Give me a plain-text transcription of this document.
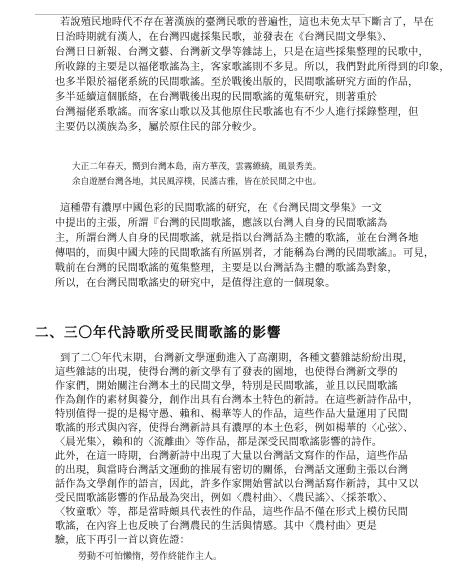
若說殖民地時代不存在著漢族的臺灣民歌的普遍性，這也未免太早下斷言了，早在
日治時期就有漢人，在台灣四處採集民歌，並發表在《台灣民間文學集》、
台灣日日新報、台灣文藝、台灣新文學等雜誌上，只是在這些採集整理的民歌中，
所收錄的主要是以福佬歌謠為主，客家歌謠則不多見。所以，我們對此所得到的印象，
也多半限於福佬系統的民間歌謠。至於戰後出版的，民間歌謠研究方面的作品，
多半延續這個脈絡，在台灣戰後出現的民間歌謠的蒐集研究，則著重於
台灣福佬系歌謠。而客家山歌以及其他原住民歌謠也有不少人進行採錄整理，但
主要仍以漢族為多，屬於原住民的部分較少。
大正二年春天，嚮到台灣本島，南方華茂，雲霧繚繞，風景秀美。
余自遊歷台灣各地，其民風淳樸，民謠古雅，皆在於民間之中也。
這種帶有濃厚中國色彩的民間歌謠的研究，在《台灣民間文學集》一文
中提出的主張，所謂『台灣的民間歌謠，應該以台灣人自身的民間歌謠為
主，所謂台灣人自身的民間歌謠，就是指以台灣話為主體的歌謠，並在台灣各地
傳唱的，而與中國大陸的民間歌謠有所區別者，才能稱為台灣的民間歌謠』。可見，
戰前在台灣的民間歌謠的蒐集整理，主要是以台灣話為主體的歌謠為對象，
所以，在台灣民間歌謠史的研究中，是值得注意的一個現象。
二、三〇年代詩歌所受民間歌謠的影響
到了二〇年代末期，台灣新文學運動進入了高潮期，各種文藝雜誌紛紛出現，
這些雜誌的出現，使得台灣的新文學有了發表的園地，也使得台灣新文學的
作家們，開始關注台灣本土的民間文學，特別是民間歌謠，並且以民間歌謠
作為創作的素材與養分，創作出具有台灣本土特色的新詩。在這些新詩作品中，
特別值得一提的是楊守愚、賴和、楊華等人的作品，這些作品大量運用了民間
歌謠的形式與內容，使得台灣新詩具有濃厚的本土色彩，例如楊華的〈心弦〉、
〈晨光集〉，賴和的〈流離曲〉等作品，都是深受民間歌謠影響的詩作。
此外，在這一時期，台灣新詩中出現了大量以台灣話文寫作的作品，這些作品
的出現，與當時台灣話文運動的推展有密切的關係，台灣話文運動主張以台灣
話作為文學創作的語言，因此，許多作家開始嘗試以台灣話寫作新詩，其中又以
受民間歌謠影響的作品最為突出，例如〈農村曲〉、〈農民謠〉、〈採茶歌〉、
〈牧童歌〉等，都是當時頗具代表性的作品，這些作品不僅在形式上模仿民間
歌謠，在內容上也反映了台灣農民的生活與情感。其中〈農村曲〉更是
驗，底下再引一首以資佐證：
勞動不可怕懶惰，勞作終能作主人。
